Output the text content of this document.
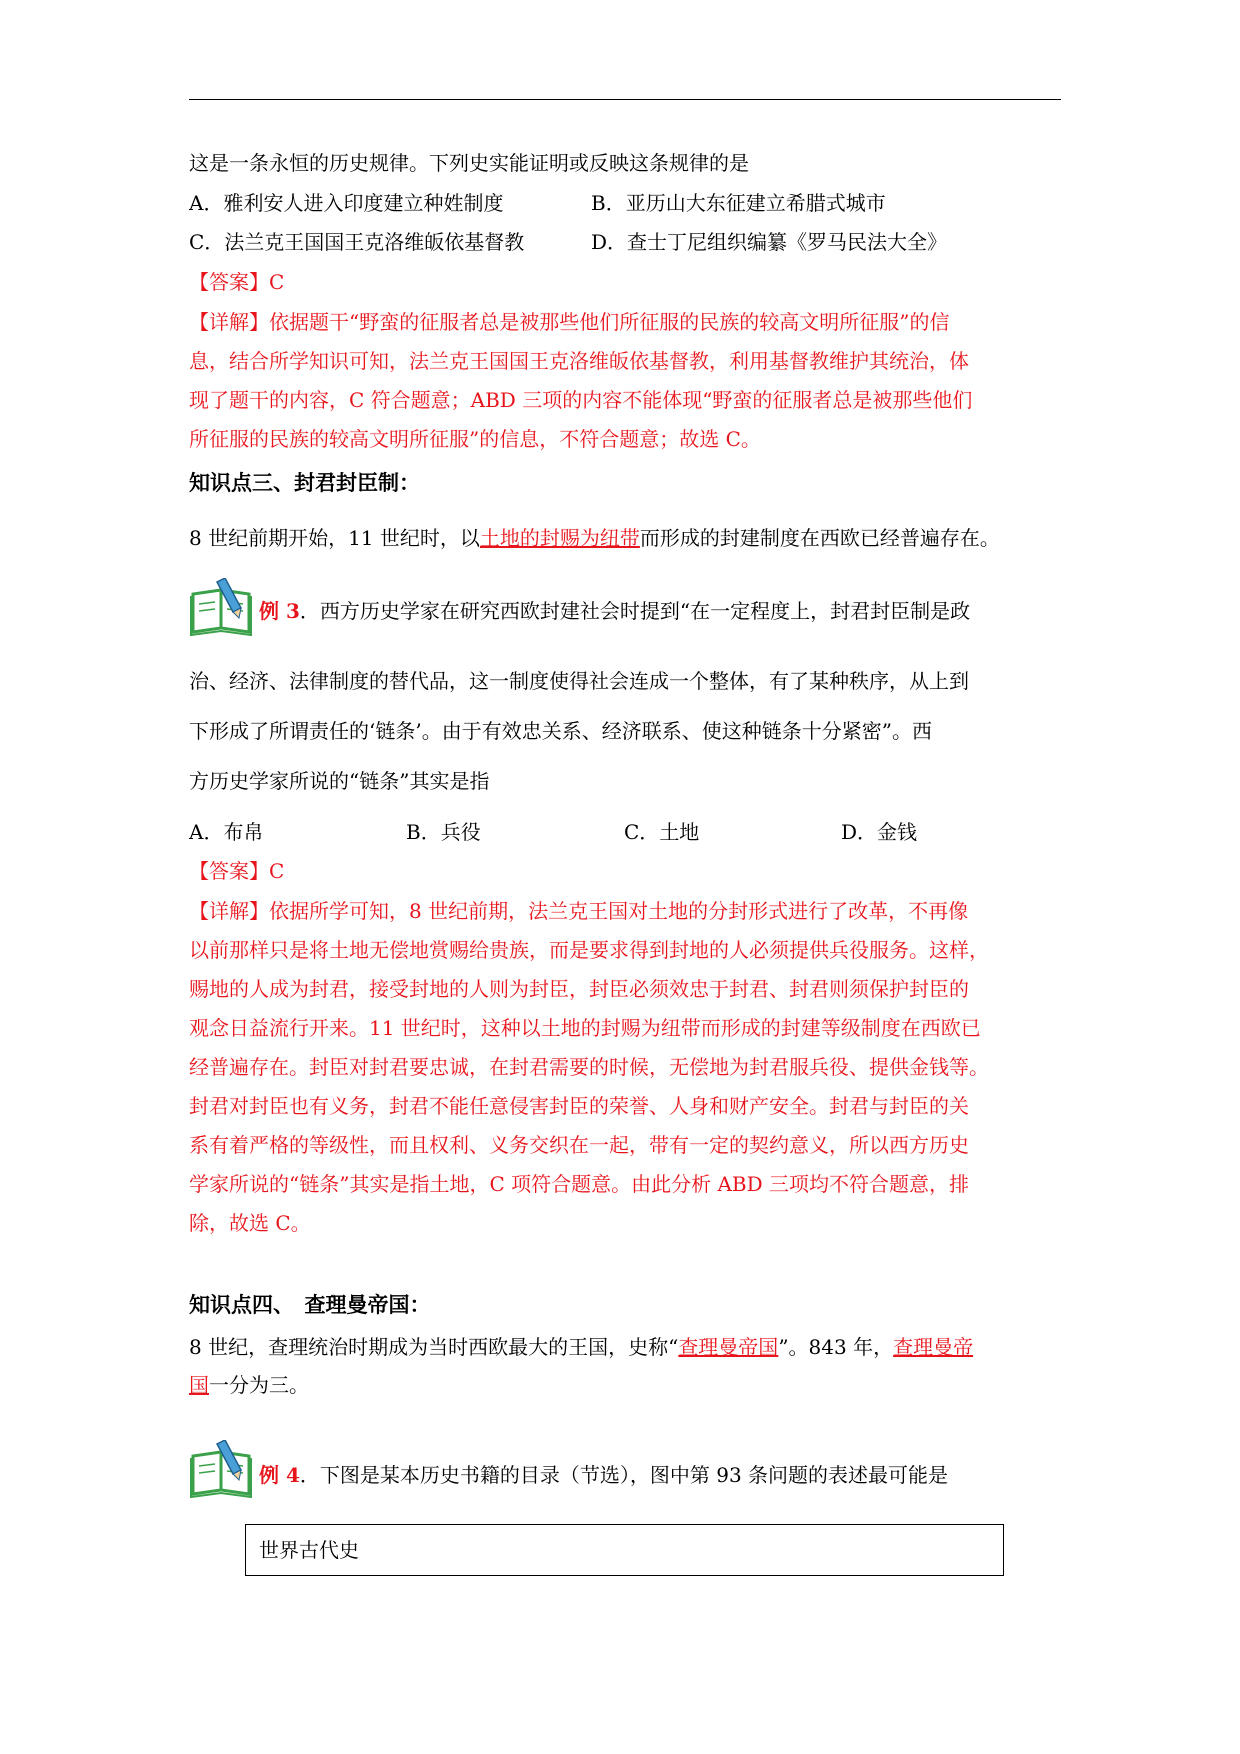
这是一条永恒的历史规律。下列史实能证明或反映这条规律的是
A．雅利安人进入印度建立种姓制度	B．亚历山大东征建立希腊式城市
C．法兰克王国国王克洛维皈依基督教	D．查士丁尼组织编纂《罗马民法大全》
【答案】C
【详解】依据题干“野蛮的征服者总是被那些他们所征服的民族的较高文明所征服”的信
息，结合所学知识可知，法兰克王国国王克洛维皈依基督教，利用基督教维护其统治，体
现了题干的内容，C 符合题意；ABD 三项的内容不能体现“野蛮的征服者总是被那些他们
所征服的民族的较高文明所征服”的信息，不符合题意；故选 C。
知识点三、封君封臣制：
8 世纪前期开始，11 世纪时，以土地的封赐为纽带而形成的封建制度在西欧已经普遍存在。
例 3．西方历史学家在研究西欧封建社会时提到“在一定程度上，封君封臣制是政
治、经济、法律制度的替代品，这一制度使得社会连成一个整体，有了某种秩序，从上到
下形成了所谓责任的‘链条’。由于有效忠关系、经济联系、使这种链条十分紧密”。西
方历史学家所说的“链条”其实是指
A．布帛	B．兵役	C．土地	D．金钱
【答案】C
【详解】依据所学可知，8 世纪前期，法兰克王国对土地的分封形式进行了改革，不再像
以前那样只是将土地无偿地赏赐给贵族，而是要求得到封地的人必须提供兵役服务。这样，
赐地的人成为封君，接受封地的人则为封臣，封臣必须效忠于封君、封君则须保护封臣的
观念日益流行开来。11 世纪时，这种以土地的封赐为纽带而形成的封建等级制度在西欧已
经普遍存在。封臣对封君要忠诚，在封君需要的时候，无偿地为封君服兵役、提供金钱等。
封君对封臣也有义务，封君不能任意侵害封臣的荣誉、人身和财产安全。封君与封臣的关
系有着严格的等级性，而且权利、义务交织在一起，带有一定的契约意义，所以西方历史
学家所说的“链条”其实是指土地，C 项符合题意。由此分析 ABD 三项均不符合题意，排
除，故选 C。
知识点四、　查理曼帝国：
8 世纪，查理统治时期成为当时西欧最大的王国，史称“查理曼帝国”。843 年，查理曼帝
国一分为三。
例 4．下图是某本历史书籍的目录（节选），图中第 93 条问题的表述最可能是
世界古代史
